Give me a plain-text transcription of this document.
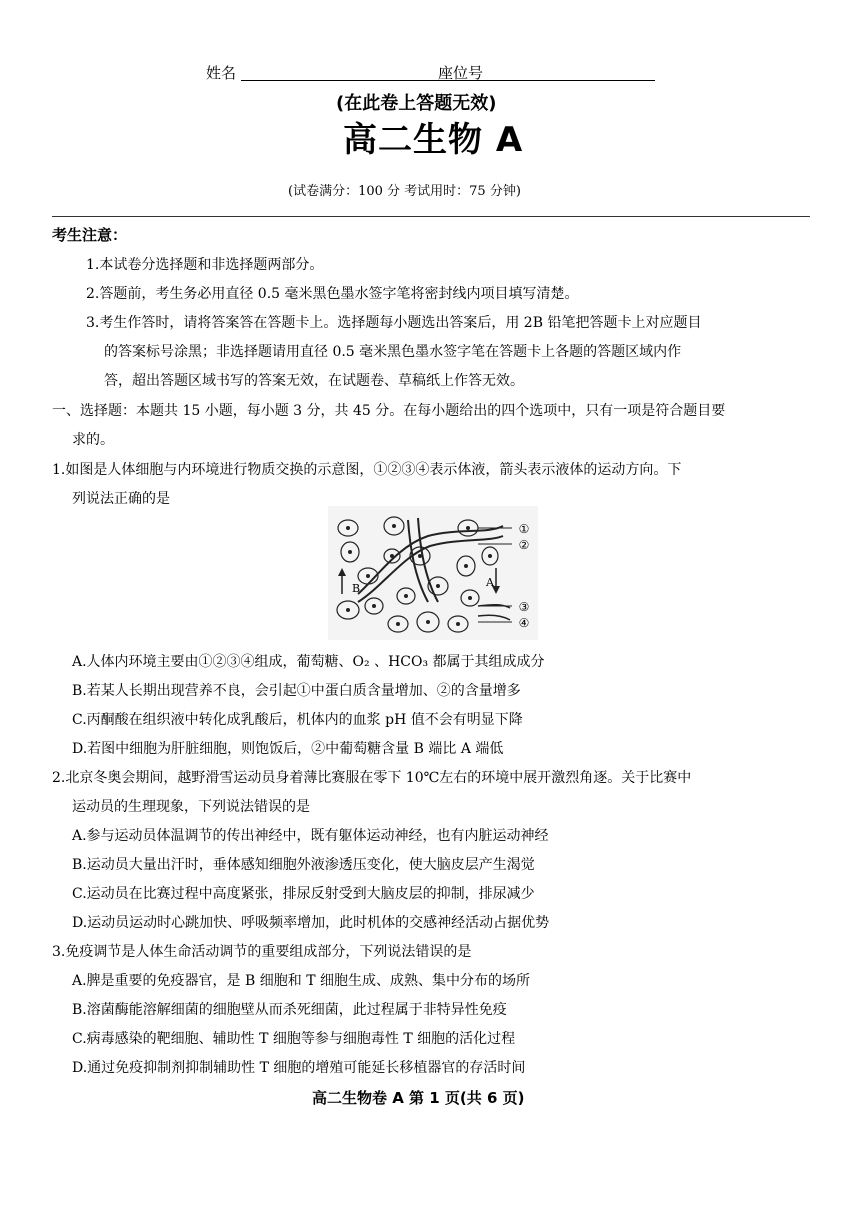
姓名	座位号
(在此卷上答题无效)
高二生物 A
(试卷满分：100 分 考试用时：75 分钟)
考生注意：
1.本试卷分选择题和非选择题两部分。
2.答题前，考生务必用直径 0.5 毫米黑色墨水签字笔将密封线内项目填写清楚。
3.考生作答时，请将答案答在答题卡上。选择题每小题选出答案后，用 2B 铅笔把答题卡上对应题目
的答案标号涂黑；非选择题请用直径 0.5 毫米黑色墨水签字笔在答题卡上各题的答题区域内作
答，超出答题区域书写的答案无效，在试题卷、草稿纸上作答无效。
一、选择题：本题共 15 小题，每小题 3 分，共 45 分。在每小题给出的四个选项中，只有一项是符合题目要
求的。
1.如图是人体细胞与内环境进行物质交换的示意图，①②③④表示体液，箭头表示液体的运动方向。下
列说法正确的是
①
②
③
④
B	A
A.人体内环境主要由①②③④组成，葡萄糖、O₂ 、HCO₃ 都属于其组成成分
B.若某人长期出现营养不良，会引起①中蛋白质含量增加、②的含量增多
C.丙酮酸在组织液中转化成乳酸后，机体内的血浆 pH 值不会有明显下降
D.若图中细胞为肝脏细胞，则饱饭后，②中葡萄糖含量 B 端比 A 端低
2.北京冬奥会期间，越野滑雪运动员身着薄比赛服在零下 10℃左右的环境中展开激烈角逐。关于比赛中
运动员的生理现象，下列说法错误的是
A.参与运动员体温调节的传出神经中，既有躯体运动神经，也有内脏运动神经
B.运动员大量出汗时，垂体感知细胞外液渗透压变化，使大脑皮层产生渴觉
C.运动员在比赛过程中高度紧张，排尿反射受到大脑皮层的抑制，排尿减少
D.运动员运动时心跳加快、呼吸频率增加，此时机体的交感神经活动占据优势
3.免疫调节是人体生命活动调节的重要组成部分，下列说法错误的是
A.脾是重要的免疫器官，是 B 细胞和 T 细胞生成、成熟、集中分布的场所
B.溶菌酶能溶解细菌的细胞壁从而杀死细菌，此过程属于非特异性免疫
C.病毒感染的靶细胞、辅助性 T 细胞等参与细胞毒性 T 细胞的活化过程
D.通过免疫抑制剂抑制辅助性 T 细胞的增殖可能延长移植器官的存活时间
高二生物卷 A 第 1 页(共 6 页)
